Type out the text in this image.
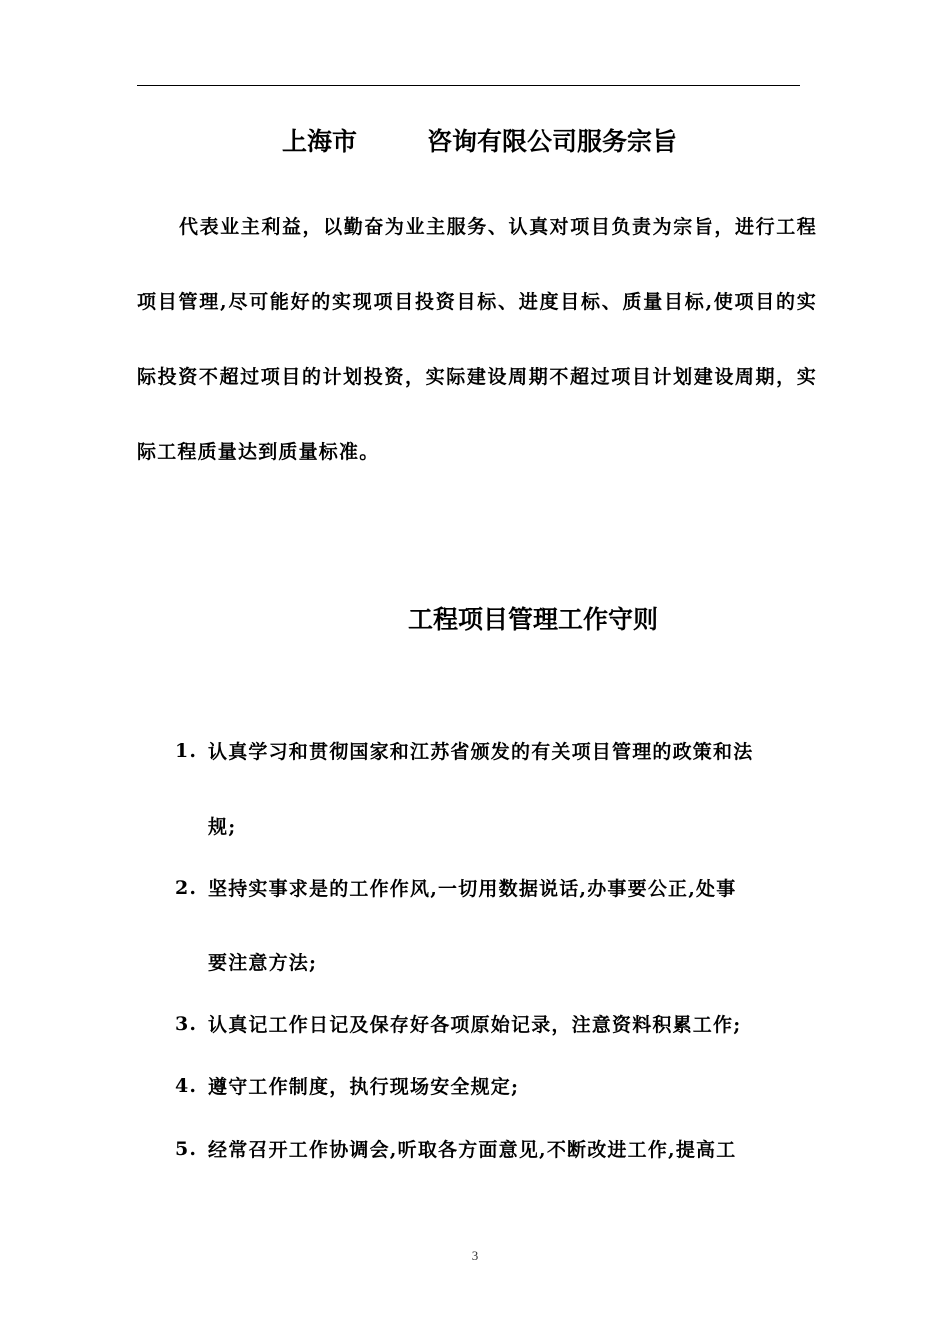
上海市	咨询有限公司服务宗旨

代表业主利益，以勤奋为业主服务、认真对项目负责为宗旨，进行工程项目管理,尽可能好的实现项目投资目标、进度目标、质量目标,使项目的实际投资不超过项目的计划投资，实际建设周期不超过项目计划建设周期，实际工程质量达到质量标准。

工程项目管理工作守则
1. 认真学习和贯彻国家和江苏省颁发的有关项目管理的政策和法
规;
2. 坚持实事求是的工作作风,一切用数据说话,办事要公正,处事
要注意方法;
3. 认真记工作日记及保存好各项原始记录，注意资料积累工作;
4. 遵守工作制度，执行现场安全规定;
5. 经常召开工作协调会,听取各方面意见,不断改进工作,提高工
3
